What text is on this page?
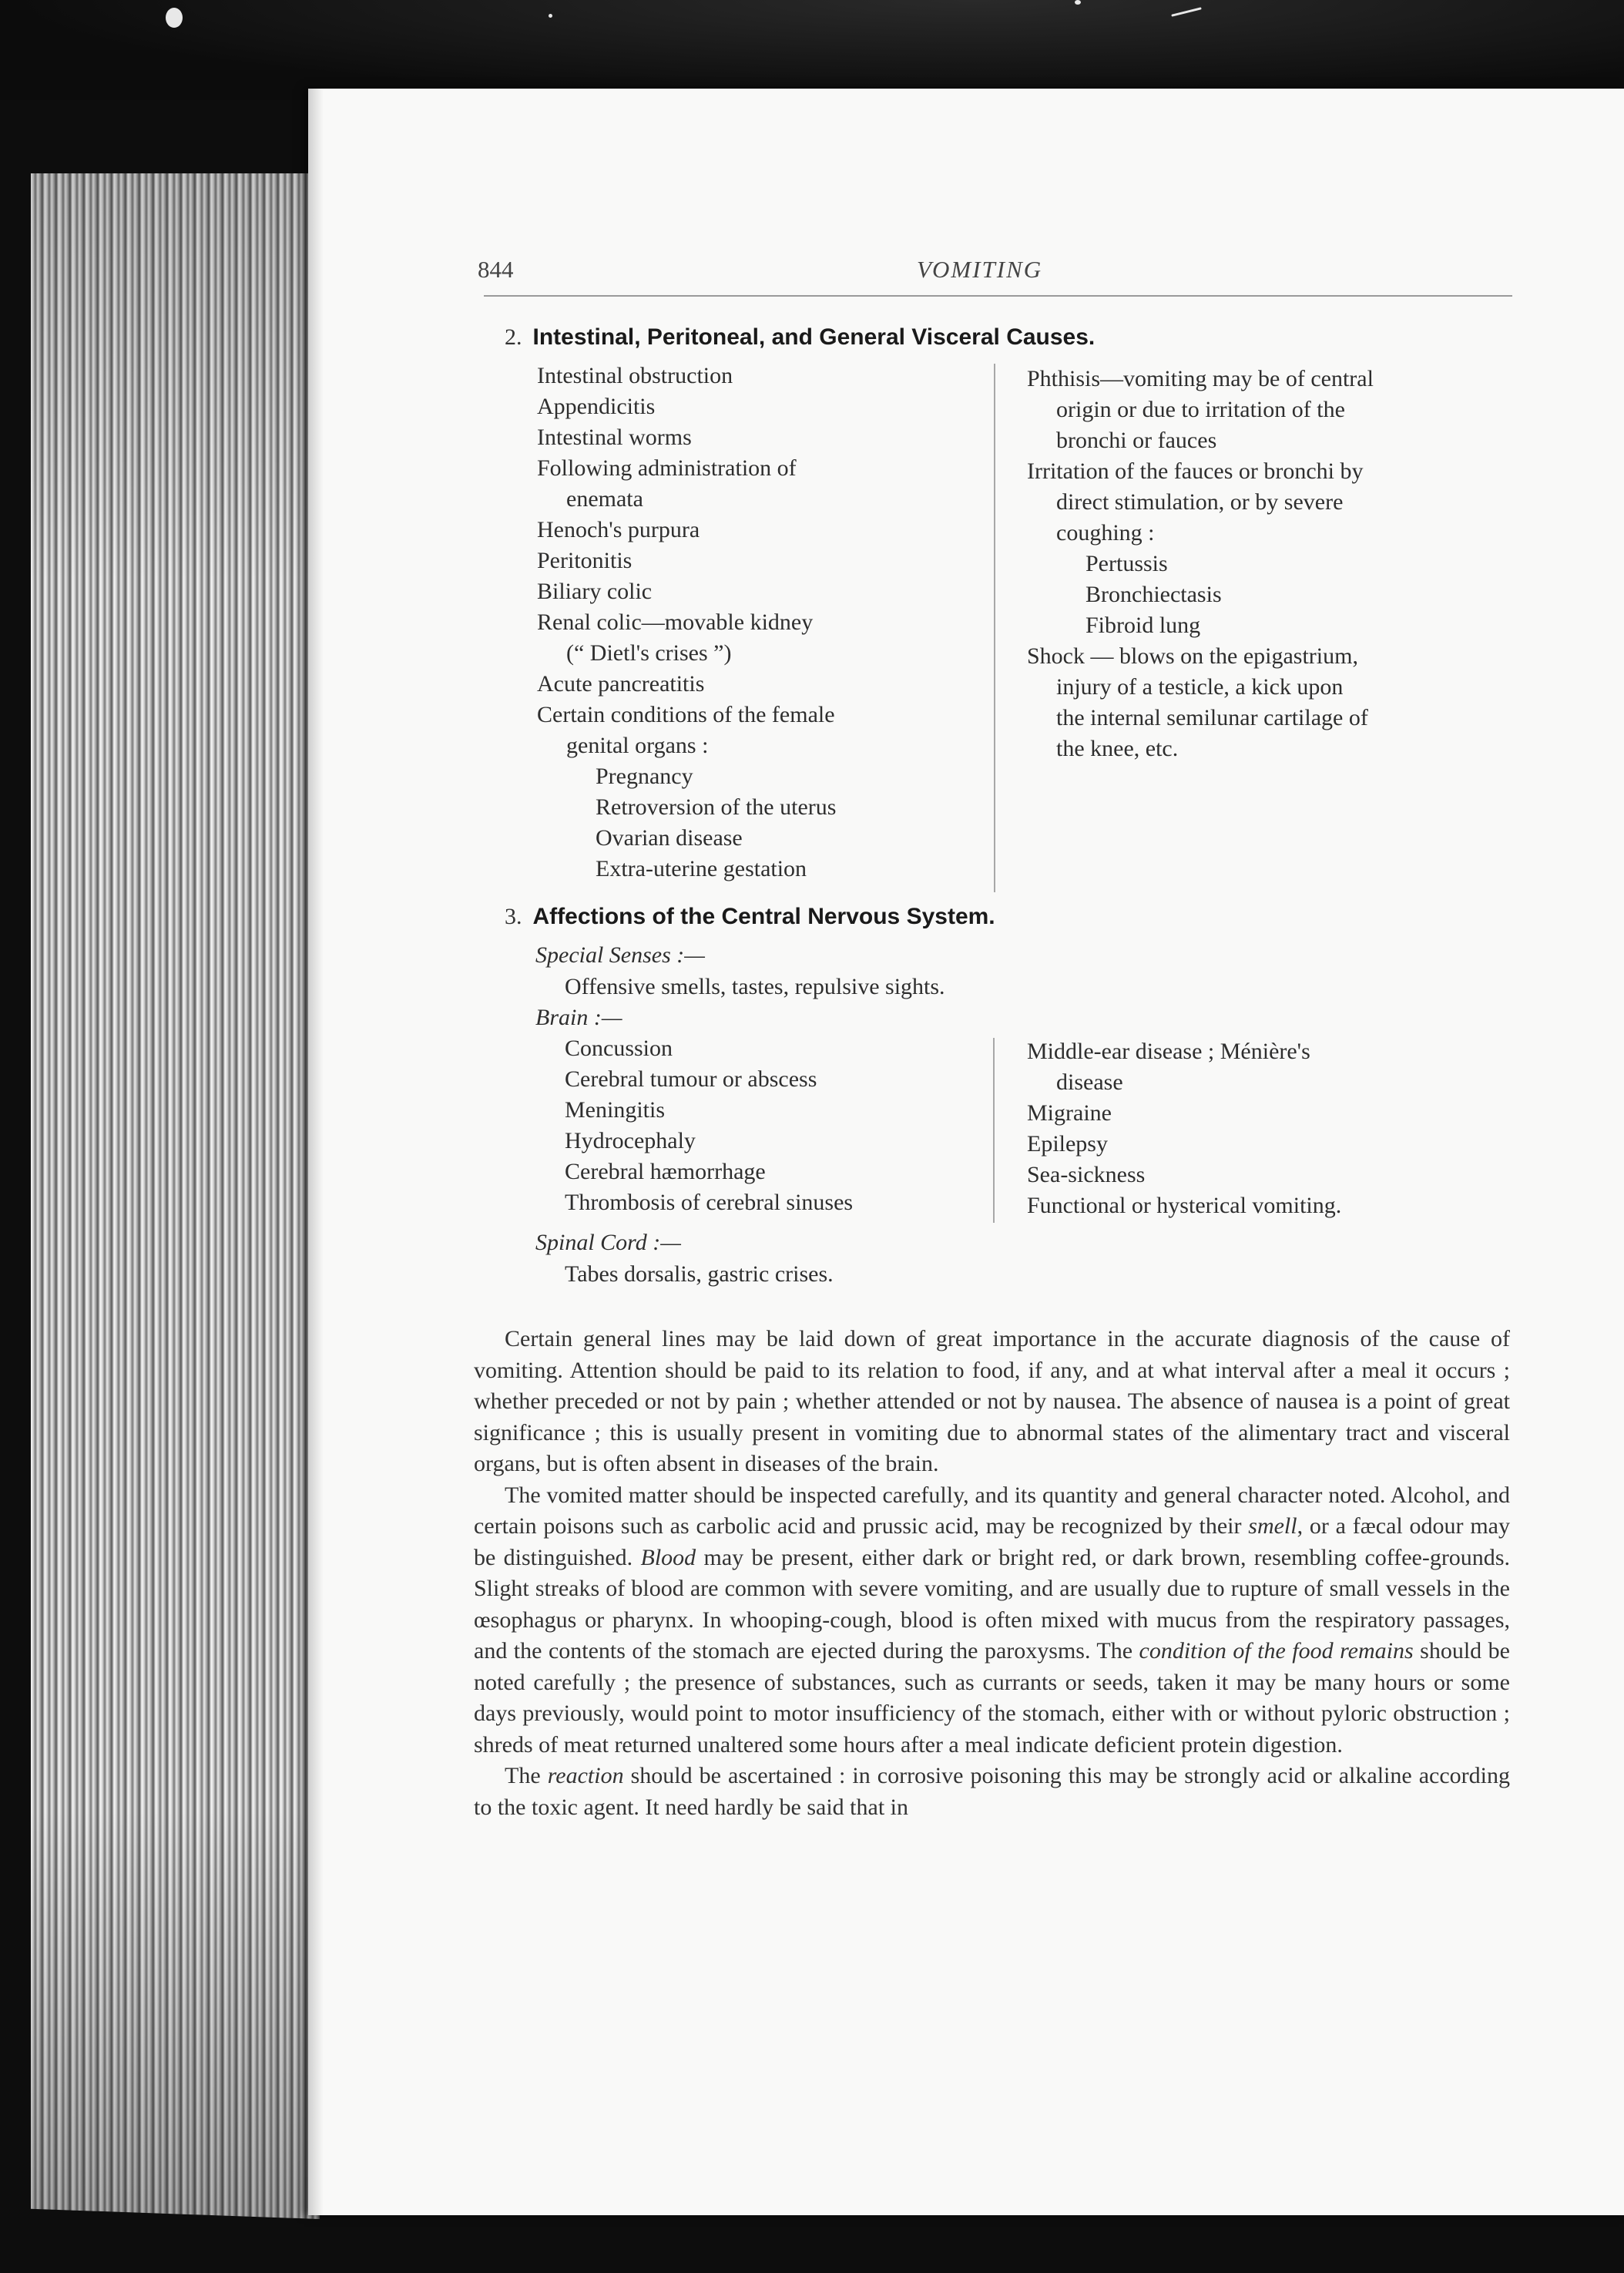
844	VOMITING
2. Intestinal, Peritoneal, and General Visceral Causes.
Intestinal obstruction
Appendicitis
Intestinal worms
Following administration of
enemata
Henoch's purpura
Peritonitis
Biliary colic
Renal colic—movable kidney
(“ Dietl's crises ”)
Acute pancreatitis
Certain conditions of the female
genital organs :
Pregnancy
Retroversion of the uterus
Ovarian disease
Extra-uterine gestation
Phthisis—vomiting may be of central
origin or due to irritation of the
bronchi or fauces
Irritation of the fauces or bronchi by
direct stimulation, or by severe
coughing :
Pertussis
Bronchiectasis
Fibroid lung
Shock — blows on the epigastrium,
injury of a testicle, a kick upon
the internal semilunar cartilage of
the knee, etc.
3. Affections of the Central Nervous System.
Special Senses :—
Offensive smells, tastes, repulsive sights.
Brain :—
Concussion
Cerebral tumour or abscess
Meningitis
Hydrocephaly
Cerebral hæmorrhage
Thrombosis of cerebral sinuses
Middle-ear disease ; Ménière's
disease
Migraine
Epilepsy
Sea-sickness
Functional or hysterical vomiting.
Spinal Cord :—
Tabes dorsalis, gastric crises.

Certain general lines may be laid down of great importance in the accurate diagnosis of the cause of vomiting. Attention should be paid to its relation to food, if any, and at what interval after a meal it occurs ; whether preceded or not by pain ; whether attended or not by nausea. The absence of nausea is a point of great significance ; this is usually present in vomiting due to abnormal states of the alimentary tract and visceral organs, but is often absent in diseases of the brain.

The vomited matter should be inspected carefully, and its quantity and general character noted. Alcohol, and certain poisons such as carbolic acid and prussic acid, may be recognized by their smell, or a fæcal odour may be distinguished. Blood may be present, either dark or bright red, or dark brown, resembling coffee-grounds. Slight streaks of blood are common with severe vomiting, and are usually due to rupture of small vessels in the œsophagus or pharynx. In whooping-cough, blood is often mixed with mucus from the respiratory passages, and the contents of the stomach are ejected during the paroxysms. The condition of the food remains should be noted carefully ; the presence of substances, such as currants or seeds, taken it may be many hours or some days previously, would point to motor insufficiency of the stomach, either with or without pyloric obstruction ; shreds of meat returned unaltered some hours after a meal indicate deficient protein digestion.

The reaction should be ascertained : in corrosive poisoning this may be strongly acid or alkaline according to the toxic agent. It need hardly be said that in
